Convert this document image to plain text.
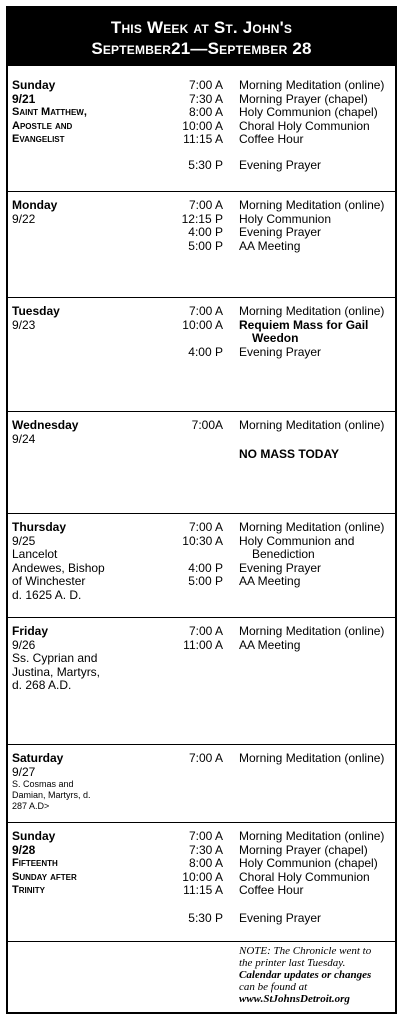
This Week at St. John's
September21—September 28
Sunday
9/21
Saint Matthew,
Apostle and
Evangelist
7:00 A Morning Meditation (online)
7:30 A Morning Prayer (chapel)
8:00 A Holy Communion (chapel)
10:00 A Choral Holy Communion
11:15 A Coffee Hour
5:30 P Evening Prayer
Monday
9/22
7:00 A Morning Meditation (online)
12:15 P Holy Communion
4:00 P Evening Prayer
5:00 P AA Meeting
Tuesday
9/23
7:00 A Morning Meditation (online)
10:00 A Requiem Mass for Gail
Weedon
4:00 P Evening Prayer
Wednesday
9/24
7:00A Morning Meditation (online)
NO MASS TODAY
Thursday
9/25
Lancelot
Andewes, Bishop
of Winchester
d. 1625 A. D.
7:00 A Morning Meditation (online)
10:30 A Holy Communion and
Benediction
4:00 P Evening Prayer
5:00 P AA Meeting
Friday
9/26
Ss. Cyprian and
Justina, Martyrs,
d. 268 A.D.
7:00 A Morning Meditation (online)
11:00 A AA Meeting
Saturday
9/27
S. Cosmas and
Damian, Martyrs, d.
287 A.D>
7:00 A Morning Meditation (online)
Sunday
9/28
Fifteenth
Sunday after
Trinity
7:00 A Morning Meditation (online)
7:30 A Morning Prayer (chapel)
8:00 A Holy Communion (chapel)
10:00 A Choral Holy Communion
11:15 A Coffee Hour
5:30 P Evening Prayer
NOTE: The Chronicle went to
the printer last Tuesday.
Calendar updates or changes
can be found at
www.StJohnsDetroit.org
